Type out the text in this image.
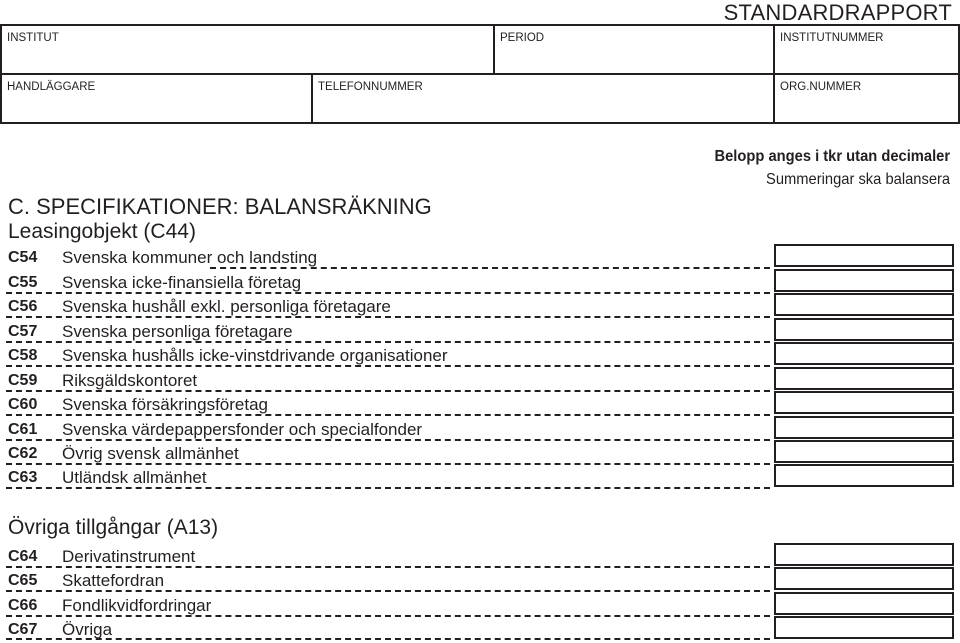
STANDARDRAPPORT
INSTITUT	PERIOD	INSTITUTNUMMER
HANDLÄGGARE	TELEFONNUMMER	ORG.NUMMER
Belopp anges i tkr utan decimaler
Summeringar ska balansera
C. SPECIFIKATIONER: BALANSRÄKNING
Leasingobjekt (C44)
C54 Svenska kommuner och landsting
C55 Svenska icke-finansiella företag
C56 Svenska hushåll exkl. personliga företagare
C57 Svenska personliga företagare
C58 Svenska hushålls icke-vinstdrivande organisationer
C59 Riksgäldskontoret
C60 Svenska försäkringsföretag
C61 Svenska värdepappersfonder och specialfonder
C62 Övrig svensk allmänhet
C63 Utländsk allmänhet
Övriga tillgångar (A13)
C64 Derivatinstrument
C65 Skattefordran
C66 Fondlikvidfordringar
C67 Övriga
